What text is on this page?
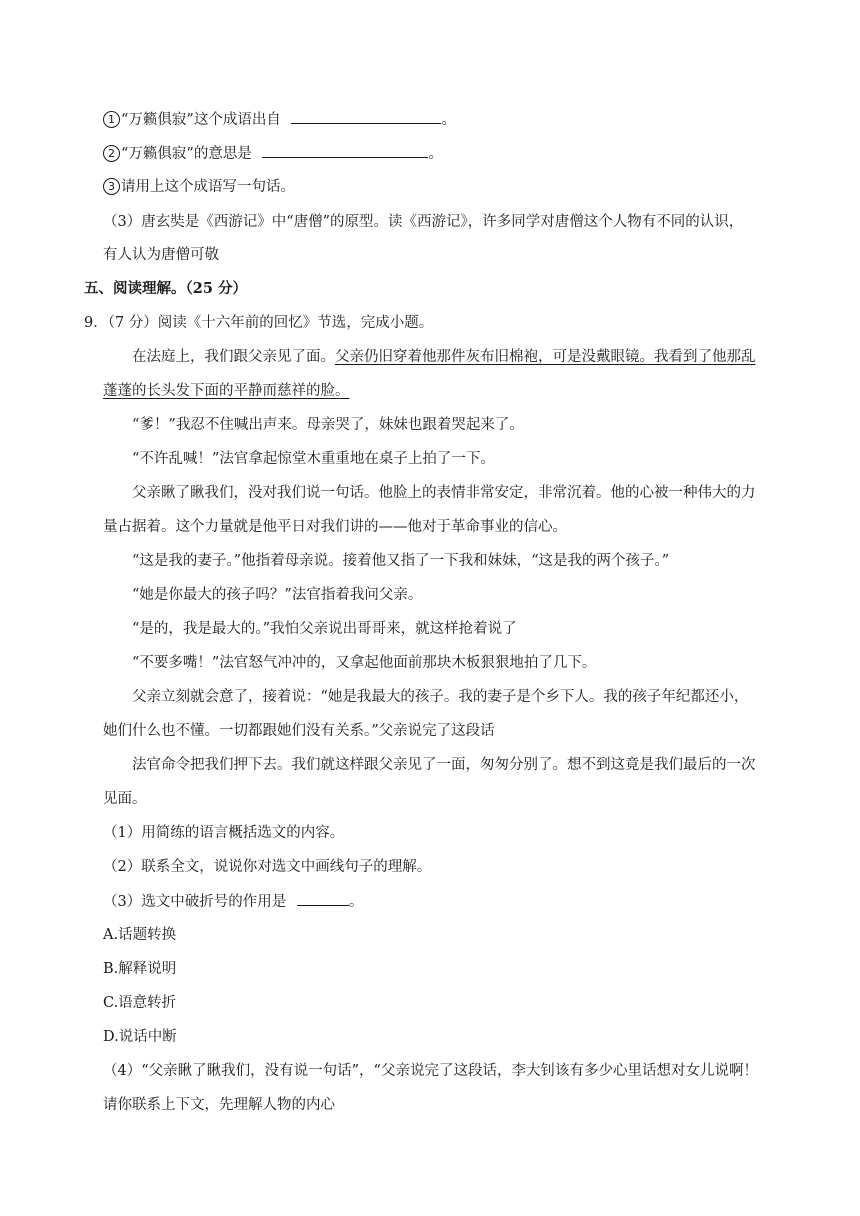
1 “万籁俱寂”这个成语出自	。
2 “万籁俱寂”的意思是	。
3 请用上这个成语写一句话。
（3）唐玄奘是《西游记》中“唐僧”的原型。读《西游记》，许多同学对唐僧这个人物有不同的认识，
有人认为唐僧可敬
五、阅读理解。（25 分）
9．（7 分）阅读《十六年前的回忆》节选，完成小题。
在法庭上，我们跟父亲见了面。父亲仍旧穿着他那件灰布旧棉袍，可是没戴眼镜。我看到了他那乱
蓬蓬的长头发下面的平静而慈祥的脸。
“爹！”我忍不住喊出声来。母亲哭了，妹妹也跟着哭起来了。
“不许乱喊！”法官拿起惊堂木重重地在桌子上拍了一下。
父亲瞅了瞅我们，没对我们说一句话。他脸上的表情非常安定，非常沉着。他的心被一种伟大的力
量占据着。这个力量就是他平日对我们讲的——他对于革命事业的信心。
“这是我的妻子。”他指着母亲说。接着他又指了一下我和妹妹，“这是我的两个孩子。”
“她是你最大的孩子吗？”法官指着我问父亲。
“是的，我是最大的。”我怕父亲说出哥哥来，就这样抢着说了
“不要多嘴！”法官怒气冲冲的，又拿起他面前那块木板狠狠地拍了几下。
父亲立刻就会意了，接着说：“她是我最大的孩子。我的妻子是个乡下人。我的孩子年纪都还小，
她们什么也不懂。一切都跟她们没有关系。”父亲说完了这段话
法官命令把我们押下去。我们就这样跟父亲见了一面，匆匆分别了。想不到这竟是我们最后的一次
见面。
（1）用简练的语言概括选文的内容。
（2）联系全文，说说你对选文中画线句子的理解。
（3）选文中破折号的作用是	。
A.话题转换
B.解释说明
C.语意转折
D.说话中断
（4）“父亲瞅了瞅我们，没有说一句话”，“父亲说完了这段话，李大钊该有多少心里话想对女儿说啊！
请你联系上下文，先理解人物的内心
